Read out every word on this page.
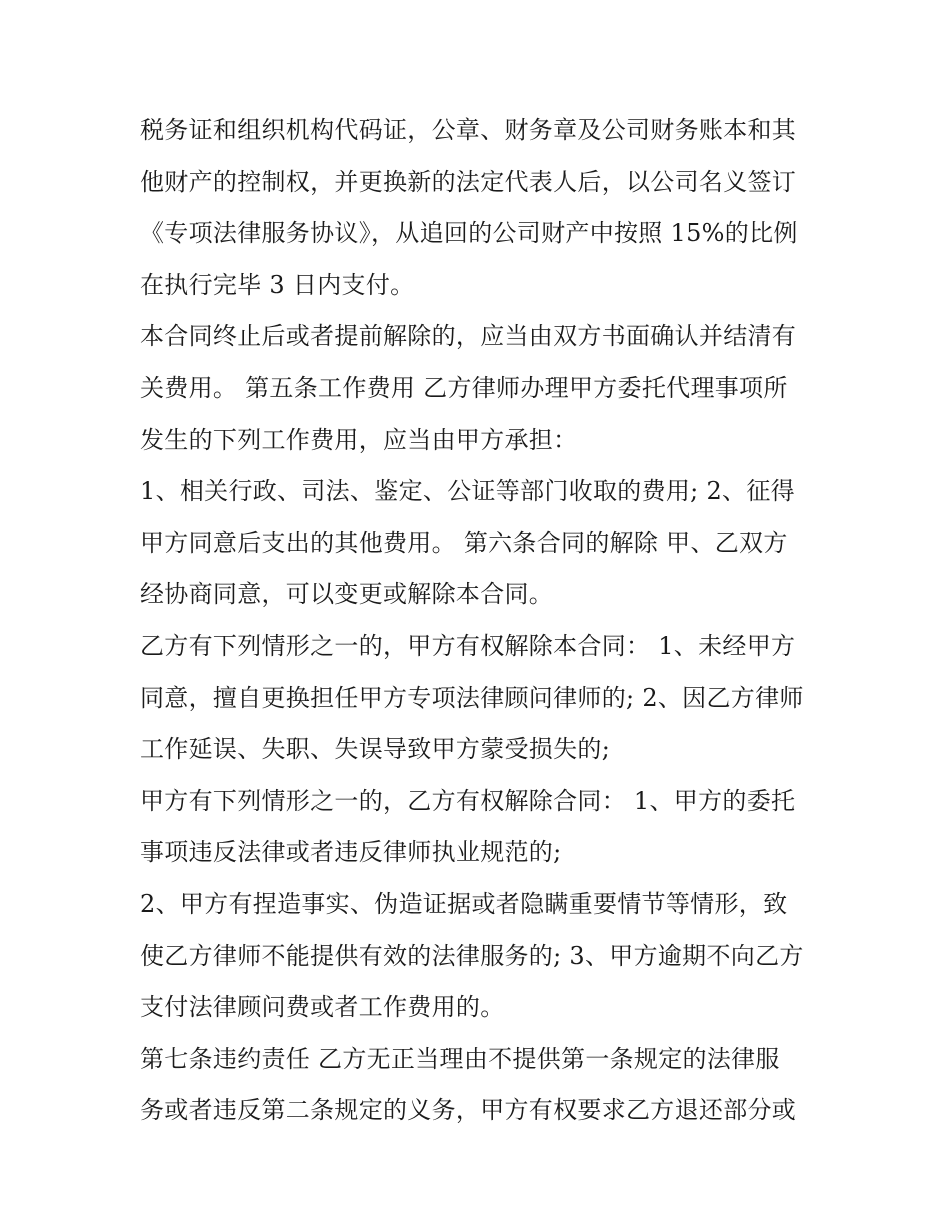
税务证和组织机构代码证，公章、财务章及公司财务账本和其
他财产的控制权，并更换新的法定代表人后，以公司名义签订
《专项法律服务协议》，从追回的公司财产中按照 15%的比例
在执行完毕 3 日内支付。
本合同终止后或者提前解除的，应当由双方书面确认并结清有
关费用。 第五条工作费用 乙方律师办理甲方委托代理事项所
发生的下列工作费用，应当由甲方承担：
1、相关行政、司法、鉴定、公证等部门收取的费用; 2、征得
甲方同意后支出的其他费用。 第六条合同的解除 甲、乙双方
经协商同意，可以变更或解除本合同。
乙方有下列情形之一的，甲方有权解除本合同： 1、未经甲方
同意，擅自更换担任甲方专项法律顾问律师的; 2、因乙方律师
工作延误、失职、失误导致甲方蒙受损失的;
甲方有下列情形之一的，乙方有权解除合同： 1、甲方的委托
事项违反法律或者违反律师执业规范的;
2、甲方有捏造事实、伪造证据或者隐瞒重要情节等情形，致
使乙方律师不能提供有效的法律服务的; 3、甲方逾期不向乙方
支付法律顾问费或者工作费用的。
第七条违约责任 乙方无正当理由不提供第一条规定的法律服
务或者违反第二条规定的义务，甲方有权要求乙方退还部分或
